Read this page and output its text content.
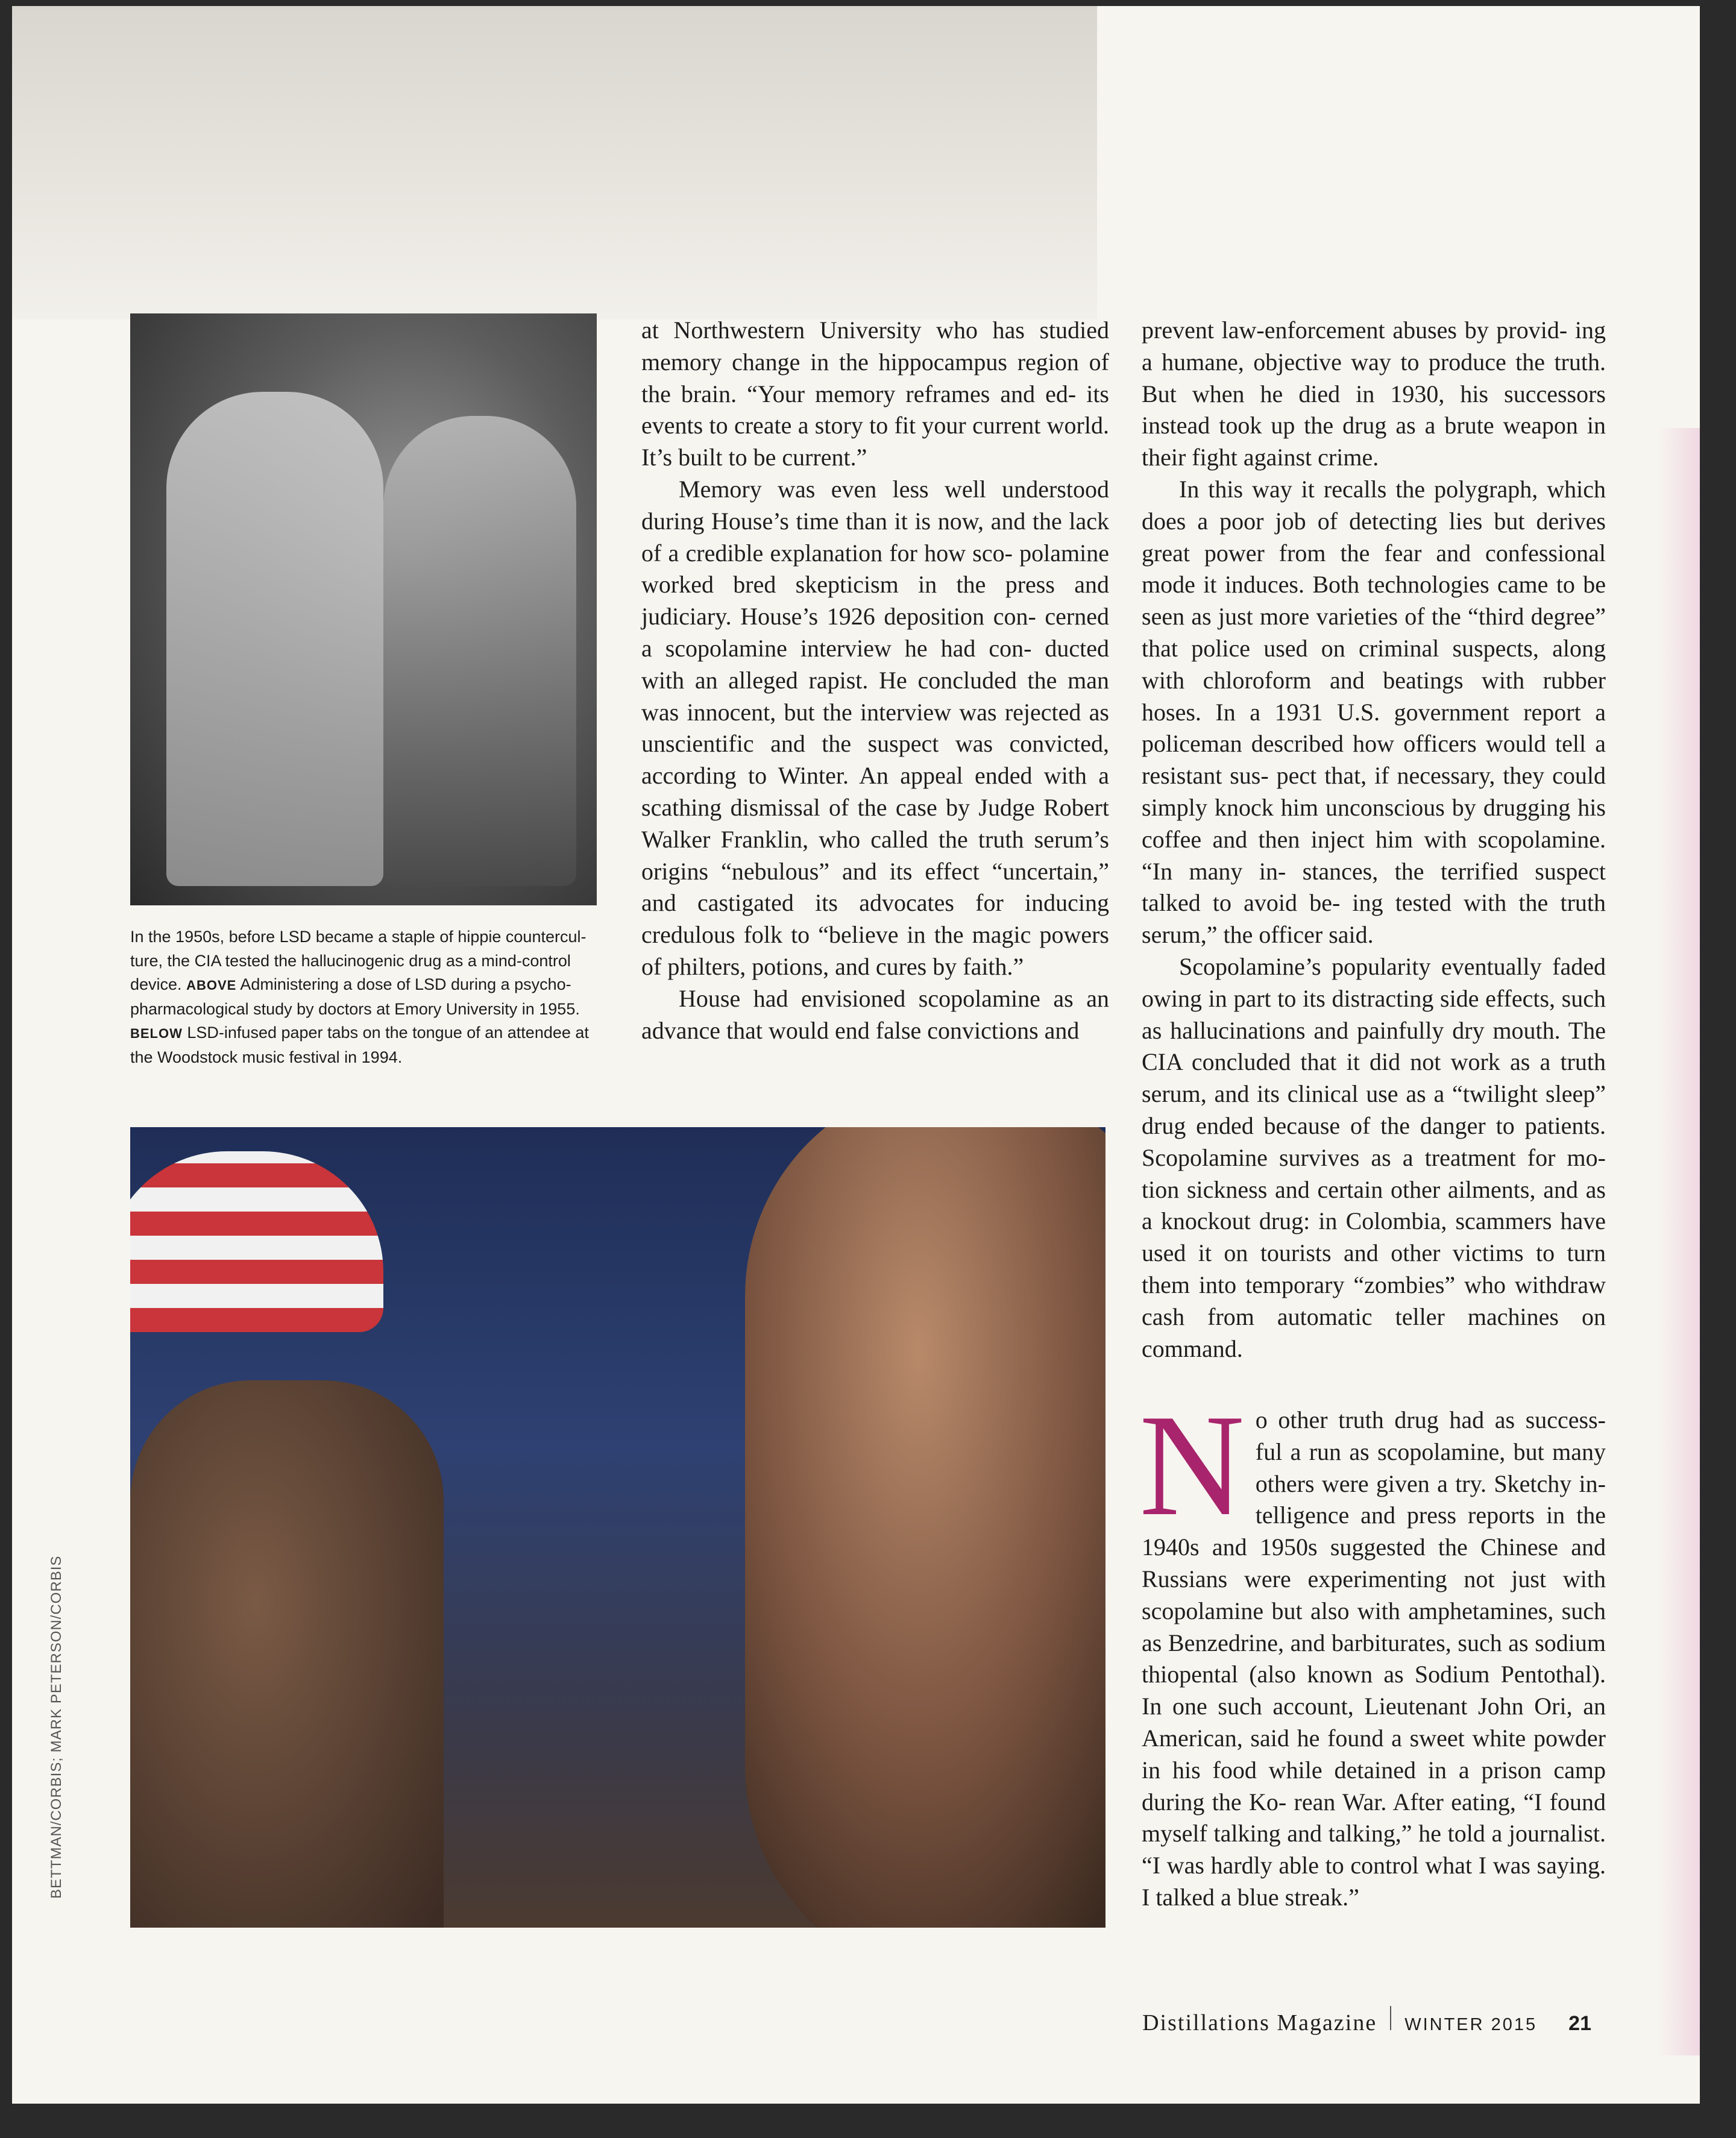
In the 1950s, before LSD became a staple of hippie countercul- ture, the CIA tested the hallucinogenic drug as a mind-control device. ABOVE Administering a dose of LSD during a psycho- pharmacological study by doctors at Emory University in 1955. BELOW LSD-infused paper tabs on the tongue of an attendee at the Woodstock music festival in 1994.

at Northwestern University who has studied memory change in the hippocampus region of the brain. “Your memory reframes and ed- its events to create a story to fit your current world. It’s built to be current.”

Memory was even less well understood during House’s time than it is now, and the lack of a credible explanation for how sco- polamine worked bred skepticism in the press and judiciary. House’s 1926 deposition con- cerned a scopolamine interview he had con- ducted with an alleged rapist. He concluded the man was innocent, but the interview was rejected as unscientific and the suspect was convicted, according to Winter. An appeal ended with a scathing dismissal of the case by Judge Robert Walker Franklin, who called the truth serum’s origins “nebulous” and its effect “uncertain,” and castigated its advocates for inducing credulous folk to “believe in the magic powers of philters, potions, and cures by faith.”

House had envisioned scopolamine as an advance that would end false convictions and

prevent law-enforcement abuses by provid- ing a humane, objective way to produce the truth. But when he died in 1930, his successors instead took up the drug as a brute weapon in their fight against crime.

In this way it recalls the polygraph, which does a poor job of detecting lies but derives great power from the fear and confessional mode it induces. Both technologies came to be seen as just more varieties of the “third degree” that police used on criminal suspects, along with chloroform and beatings with rubber hoses. In a 1931 U.S. government report a policeman described how officers would tell a resistant sus- pect that, if necessary, they could simply knock him unconscious by drugging his coffee and then inject him with scopolamine. “In many in- stances, the terrified suspect talked to avoid be- ing tested with the truth serum,” the officer said.

Scopolamine’s popularity eventually faded owing in part to its distracting side effects, such as hallucinations and painfully dry mouth. The CIA concluded that it did not work as a truth serum, and its clinical use as a “twilight sleep” drug ended because of the danger to patients. Scopolamine survives as a treatment for mo- tion sickness and certain other ailments, and as a knockout drug: in Colombia, scammers have used it on tourists and other victims to turn them into temporary “zombies” who withdraw cash from automatic teller machines on command.

N o other truth drug had as success- ful a run as scopolamine, but many others were given a try. Sketchy in- telligence and press reports in the 1940s and 1950s suggested the Chinese and Russians were experimenting not just with scopolamine but also with amphetamines, such as Benzedrine, and barbiturates, such as sodium thiopental (also known as Sodium Pentothal). In one such account, Lieutenant John Ori, an American, said he found a sweet white powder in his food while detained in a prison camp during the Ko- rean War. After eating, “I found myself talking and talking,” he told a journalist. “I was hardly able to control what I was saying. I talked a blue streak.”

BETTMAN/CORBIS; MARK PETERSON/CORBIS
Distillations Magazine WINTER 2015 21
